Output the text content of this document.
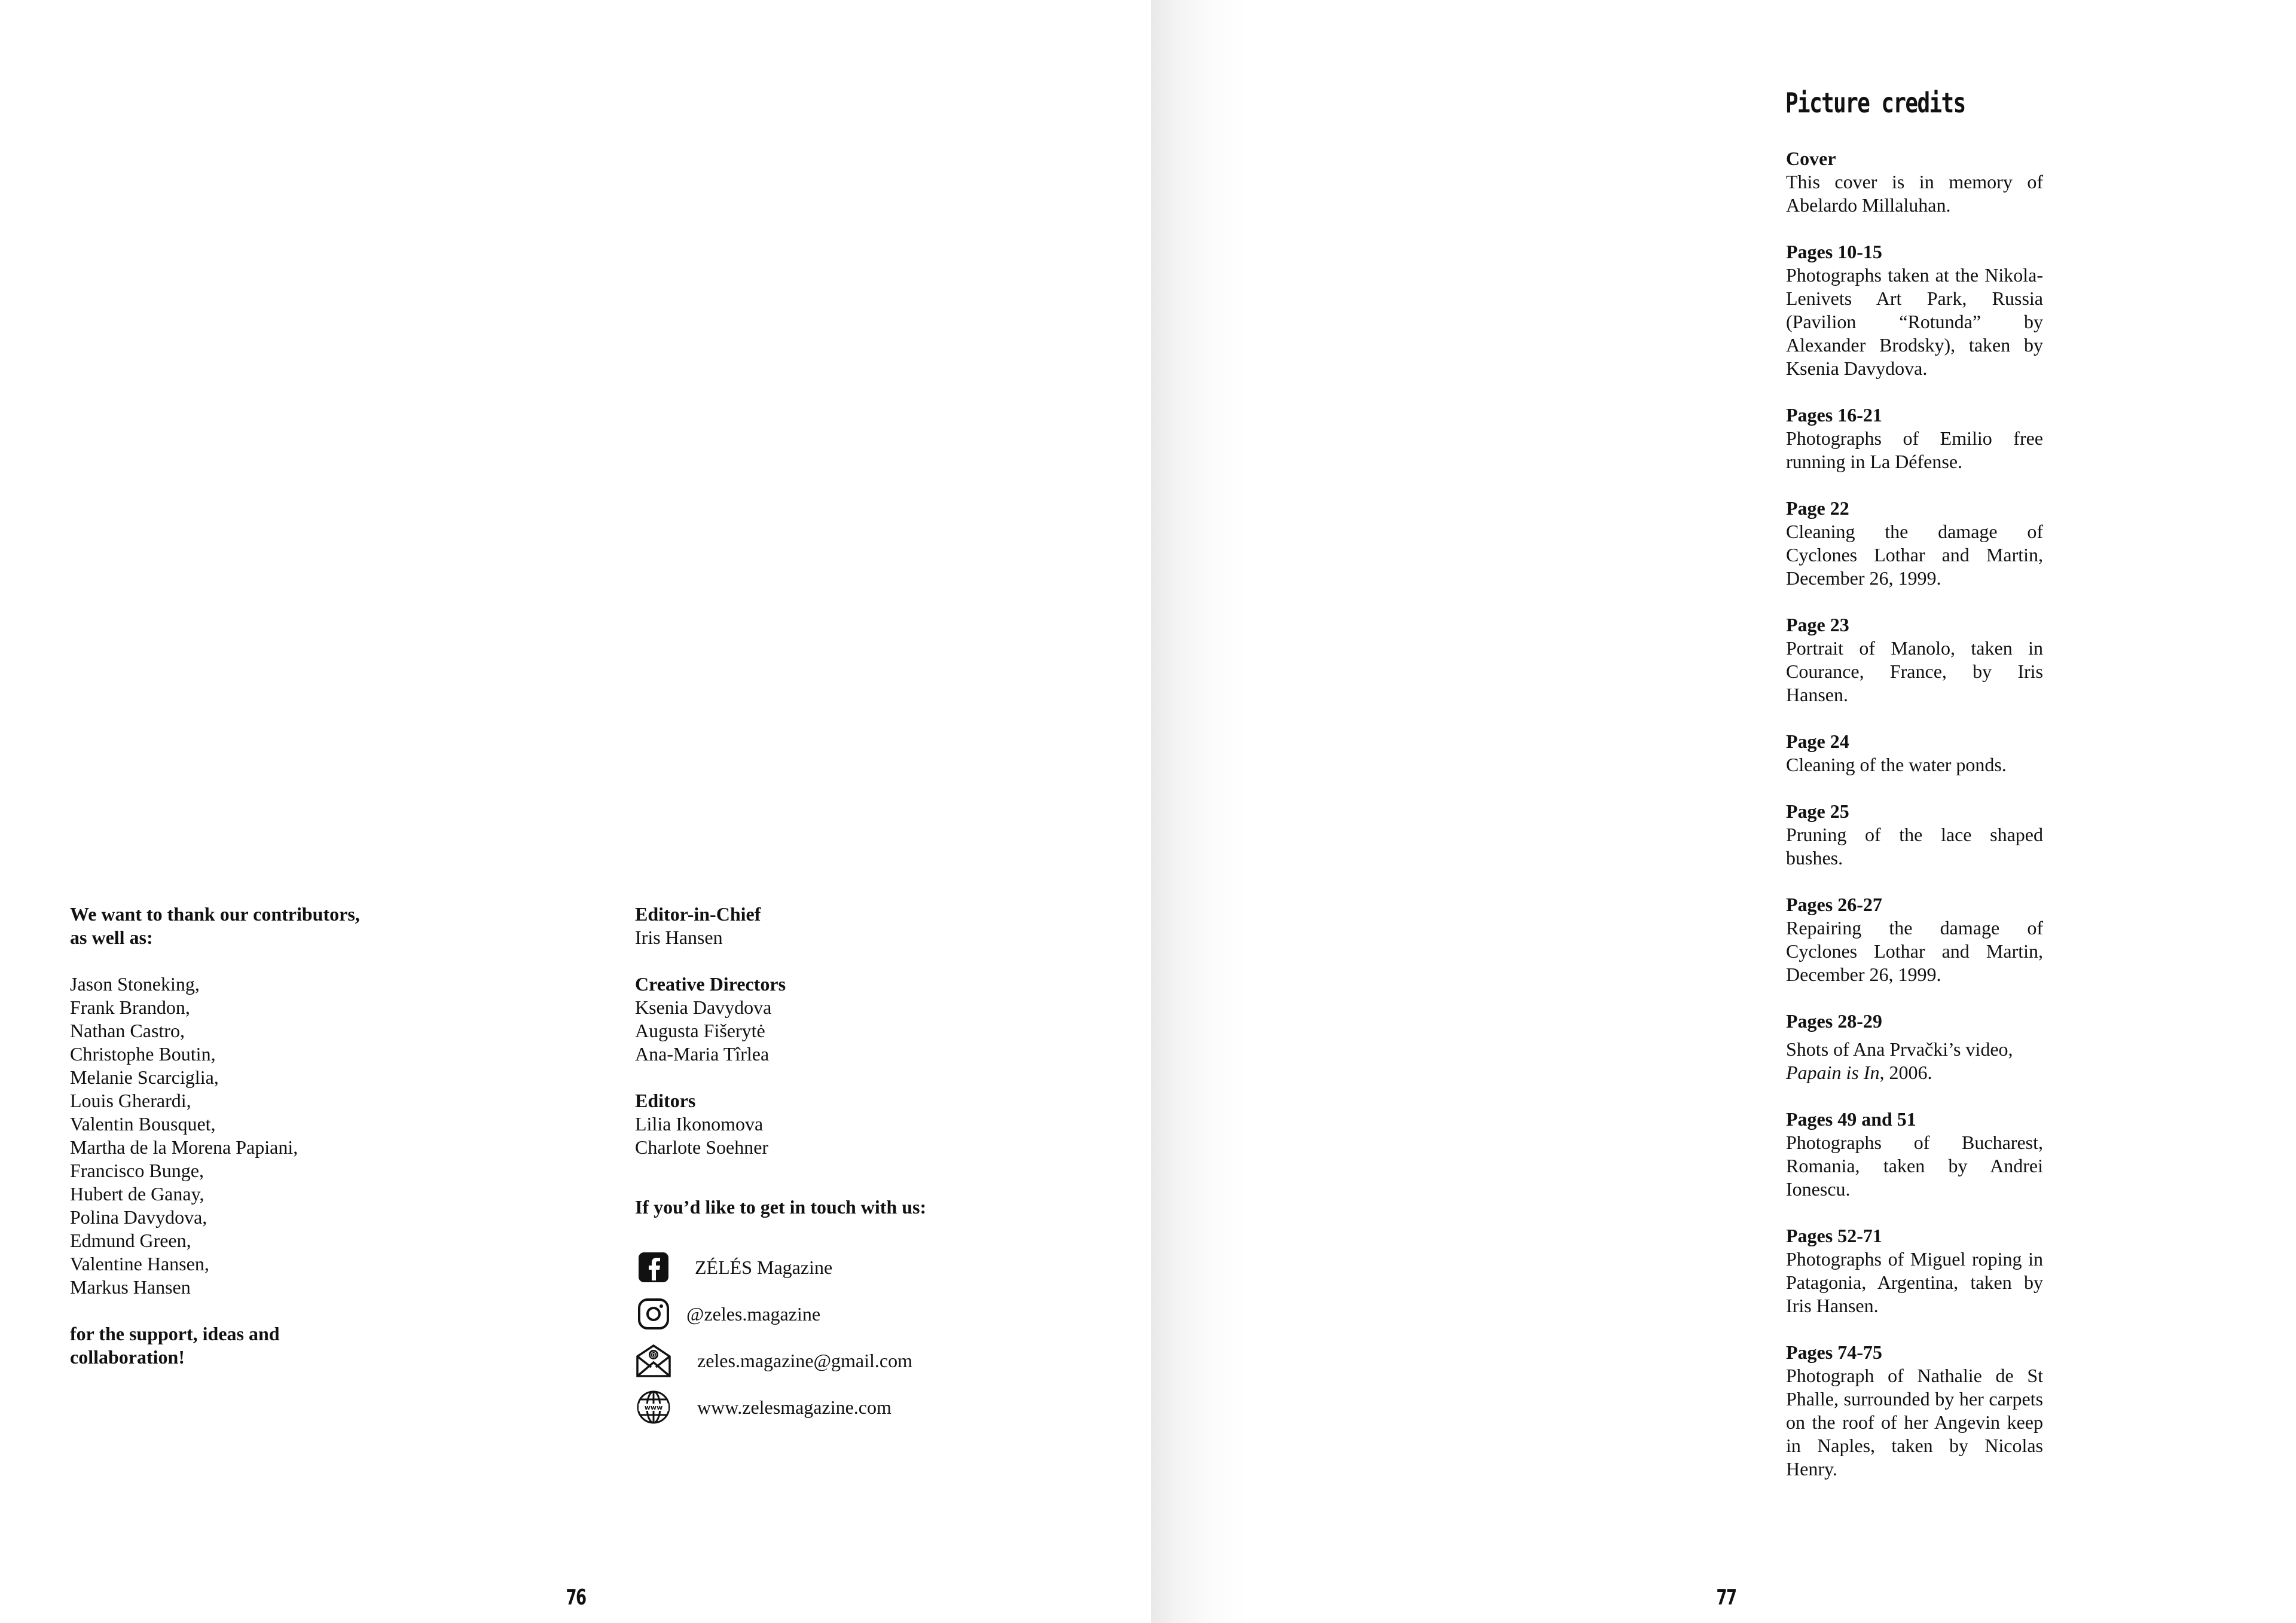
We want to thank our contributors,

as well as:

Jason Stoneking,
Frank Brandon,
Nathan Castro,
Christophe Boutin,
Melanie Scarciglia,
Louis Gherardi,
Valentin Bousquet,
Martha de la Morena Papiani,
Francisco Bunge,
Hubert de Ganay,
Polina Davydova,
Edmund Green,
Valentine Hansen,
Markus Hansen

for the support, ideas and

collaboration!

Editor-in-Chief
Iris Hansen
Creative Directors
Ksenia Davydova
Augusta Fišerytė
Ana-Maria Tîrlea
Editors
Lilia Ikonomova
Charlote Soehner

If you’d like to get in touch with us:

ZÉLÉS Magazine
@zeles.magazine
@ zeles.magazine@gmail.com
www www.zelesmagazine.com
76
Picture credits
Cover
This cover is in memory of Abelardo Millaluhan.
Pages 10-15
Photographs taken at the Nikola-Lenivets Art Park, Russia (Pavilion “Rotunda” by Alexander Brodsky), taken by Ksenia Davydova.
Pages 16-21
Photographs of Emilio free running in La Défense.
Page 22
Cleaning the damage of Cyclones Lothar and Martin, December 26, 1999.
Page 23
Portrait of Manolo, taken in Courance, France, by Iris Hansen.
Page 24
Cleaning of the water ponds.
Page 25
Pruning of the lace shaped bushes.
Pages 26-27
Repairing the damage of Cyclones Lothar and Martin, December 26, 1999.
Pages 28-29
Shots of Ana Prvački’s video,
Papain is In, 2006.
Pages 49 and 51
Photographs of Bucharest, Romania, taken by Andrei Ionescu.
Pages 52-71
Photographs of Miguel roping in Patagonia, Argentina, taken by Iris Hansen.
Pages 74-75
Photograph of Nathalie de St Phalle, surrounded by her carpets on the roof of her Angevin keep in Naples, taken by Nicolas Henry.
77
